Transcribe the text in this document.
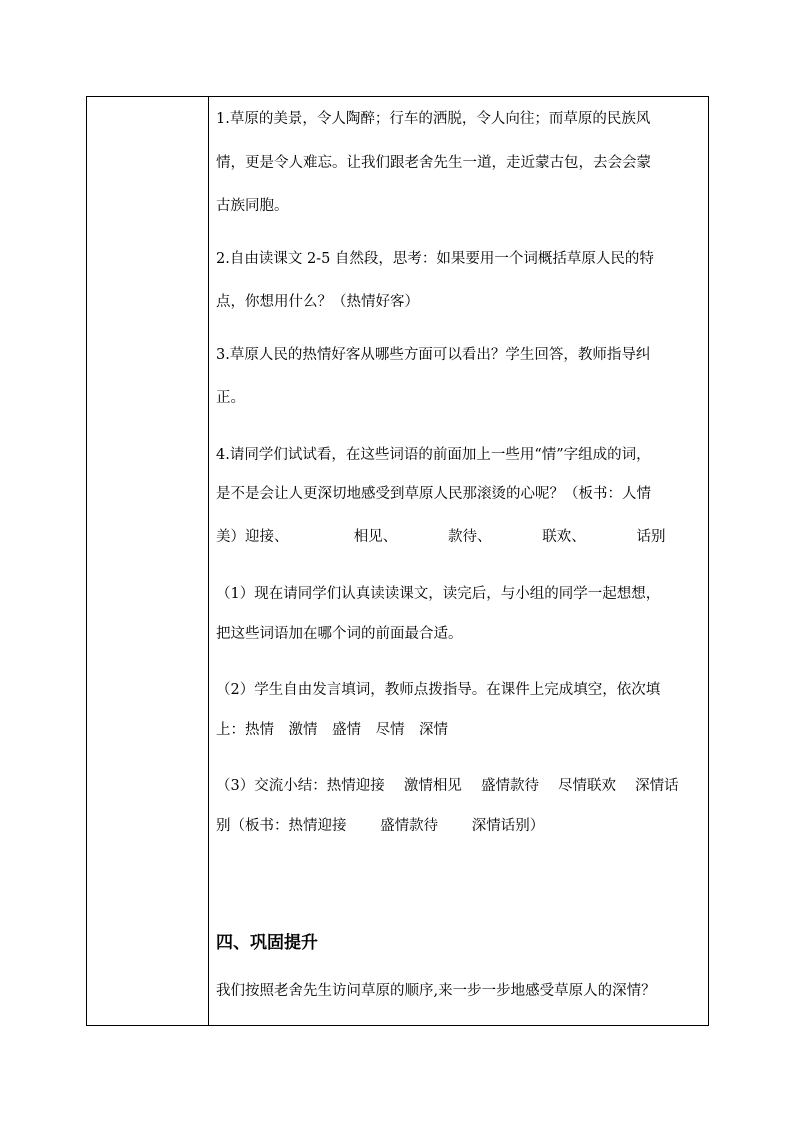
1.草原的美景，令人陶醉；行车的洒脱，令人向往；而草原的民族风
情，更是令人难忘。让我们跟老舍先生一道，走近蒙古包，去会会蒙
古族同胞。
2.自由读课文 2-5 自然段，思考：如果要用一个词概括草原人民的特
点，你想用什么？（热情好客）
3.草原人民的热情好客从哪些方面可以看出？学生回答，教师指导纠
正。
4.请同学们试试看，在这些词语的前面加上一些用“情”字组成的词，
是不是会让人更深切地感受到草原人民那滚烫的心呢？（板书：人情
美）迎接、　　　　　相见、　　　　款待、　　　　联欢、　　　　话别
（1）现在请同学们认真读读课文，读完后，与小组的同学一起想想，
把这些词语加在哪个词的前面最合适。
（2）学生自由发言填词，教师点拨指导。在课件上完成填空，依次填
上：热情　激情　盛情　尽情　深情
（3）交流小结：热情迎接　 激情相见　 盛情款待　 尽情联欢　 深情话
别（板书：热情迎接　　 盛情款待　　 深情话别）
四、巩固提升
我们按照老舍先生访问草原的顺序,来一步一步地感受草原人的深情？
